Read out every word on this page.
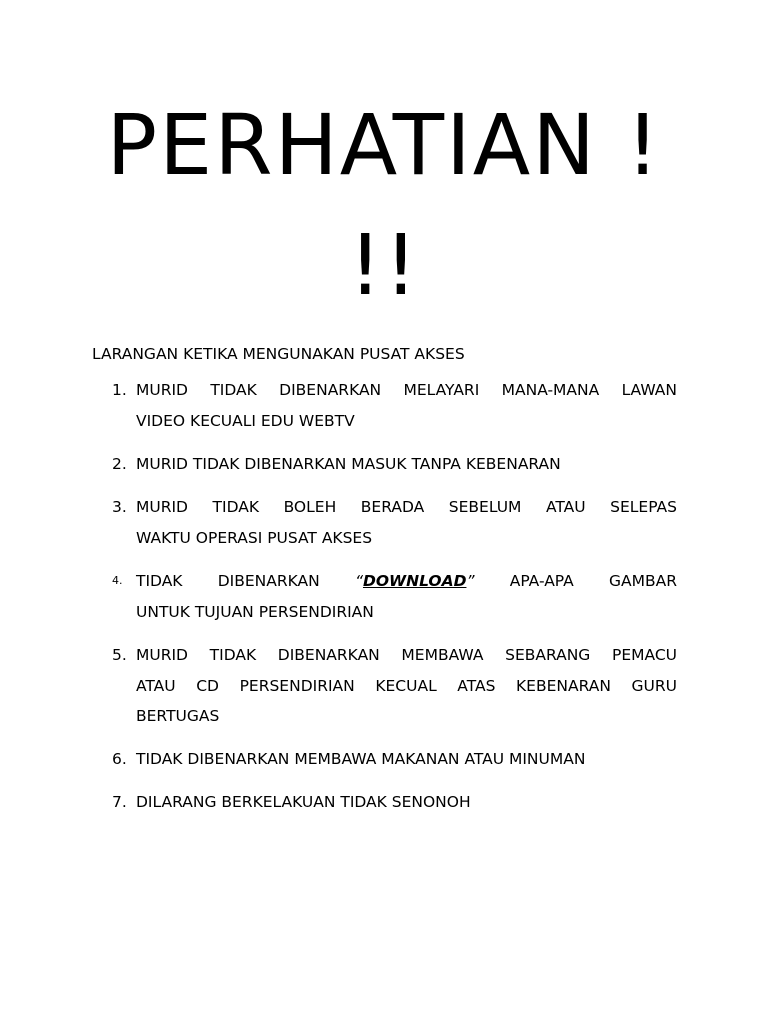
PERHATIAN !
!!
LARANGAN KETIKA MENGUNAKAN PUSAT AKSES
1. MURID TIDAK DIBENARKAN MELAYARI MANA-MANA LAWAN
VIDEO KECUALI EDU WEBTV
2. MURID TIDAK DIBENARKAN MASUK TANPA KEBENARAN
3. MURID TIDAK BOLEH BERADA SEBELUM ATAU SELEPAS
WAKTU OPERASI PUSAT AKSES
4. TIDAK DIBENARKAN “DOWNLOAD” APA-APA GAMBAR
UNTUK TUJUAN PERSENDIRIAN
5. MURID TIDAK DIBENARKAN MEMBAWA SEBARANG PEMACU
ATAU CD PERSENDIRIAN KECUAL ATAS KEBENARAN GURU
BERTUGAS
6. TIDAK DIBENARKAN MEMBAWA MAKANAN ATAU MINUMAN
7. DILARANG BERKELAKUAN TIDAK SENONOH
